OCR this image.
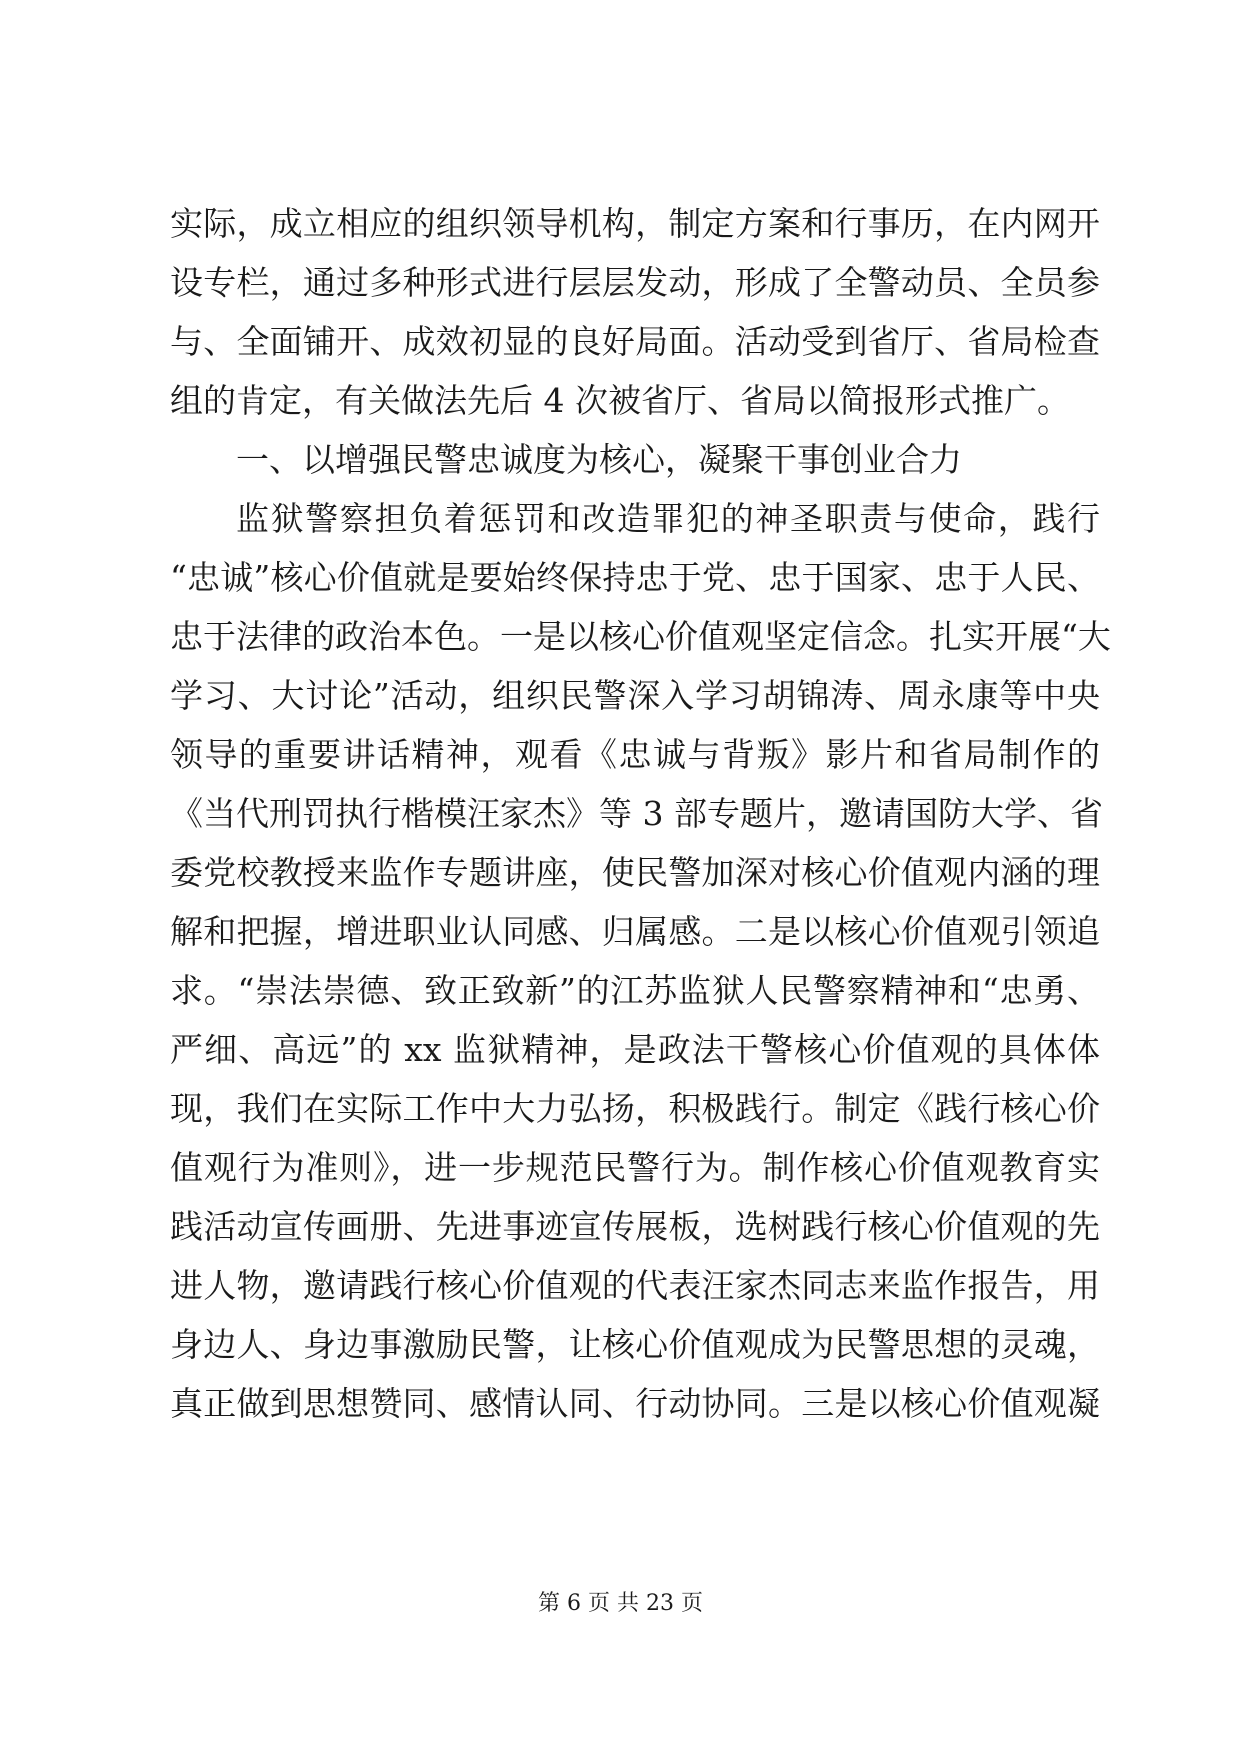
实际，成立相应的组织领导机构，制定方案和行事历，在内网开
设专栏，通过多种形式进行层层发动，形成了全警动员、全员参
与、全面铺开、成效初显的良好局面。活动受到省厅、省局检查
组的肯定，有关做法先后 4 次被省厅、省局以简报形式推广。
一、以增强民警忠诚度为核心，凝聚干事创业合力
监狱警察担负着惩罚和改造罪犯的神圣职责与使命，践行
“忠诚”核心价值就是要始终保持忠于党、忠于国家、忠于人民、
忠于法律的政治本色。一是以核心价值观坚定信念。扎实开展“大
学习、大讨论”活动，组织民警深入学习胡锦涛、周永康等中央
领导的重要讲话精神，观看《忠诚与背叛》影片和省局制作的
《当代刑罚执行楷模汪家杰》等 3 部专题片，邀请国防大学、省
委党校教授来监作专题讲座，使民警加深对核心价值观内涵的理
解和把握，增进职业认同感、归属感。二是以核心价值观引领追
求。“崇法崇德、致正致新”的江苏监狱人民警察精神和“忠勇、
严细、高远”的 xx 监狱精神，是政法干警核心价值观的具体体
现，我们在实际工作中大力弘扬，积极践行。制定《践行核心价
值观行为准则》，进一步规范民警行为。制作核心价值观教育实
践活动宣传画册、先进事迹宣传展板，选树践行核心价值观的先
进人物，邀请践行核心价值观的代表汪家杰同志来监作报告，用
身边人、身边事激励民警，让核心价值观成为民警思想的灵魂，
真正做到思想赞同、感情认同、行动协同。三是以核心价值观凝
第 6 页 共 23 页
